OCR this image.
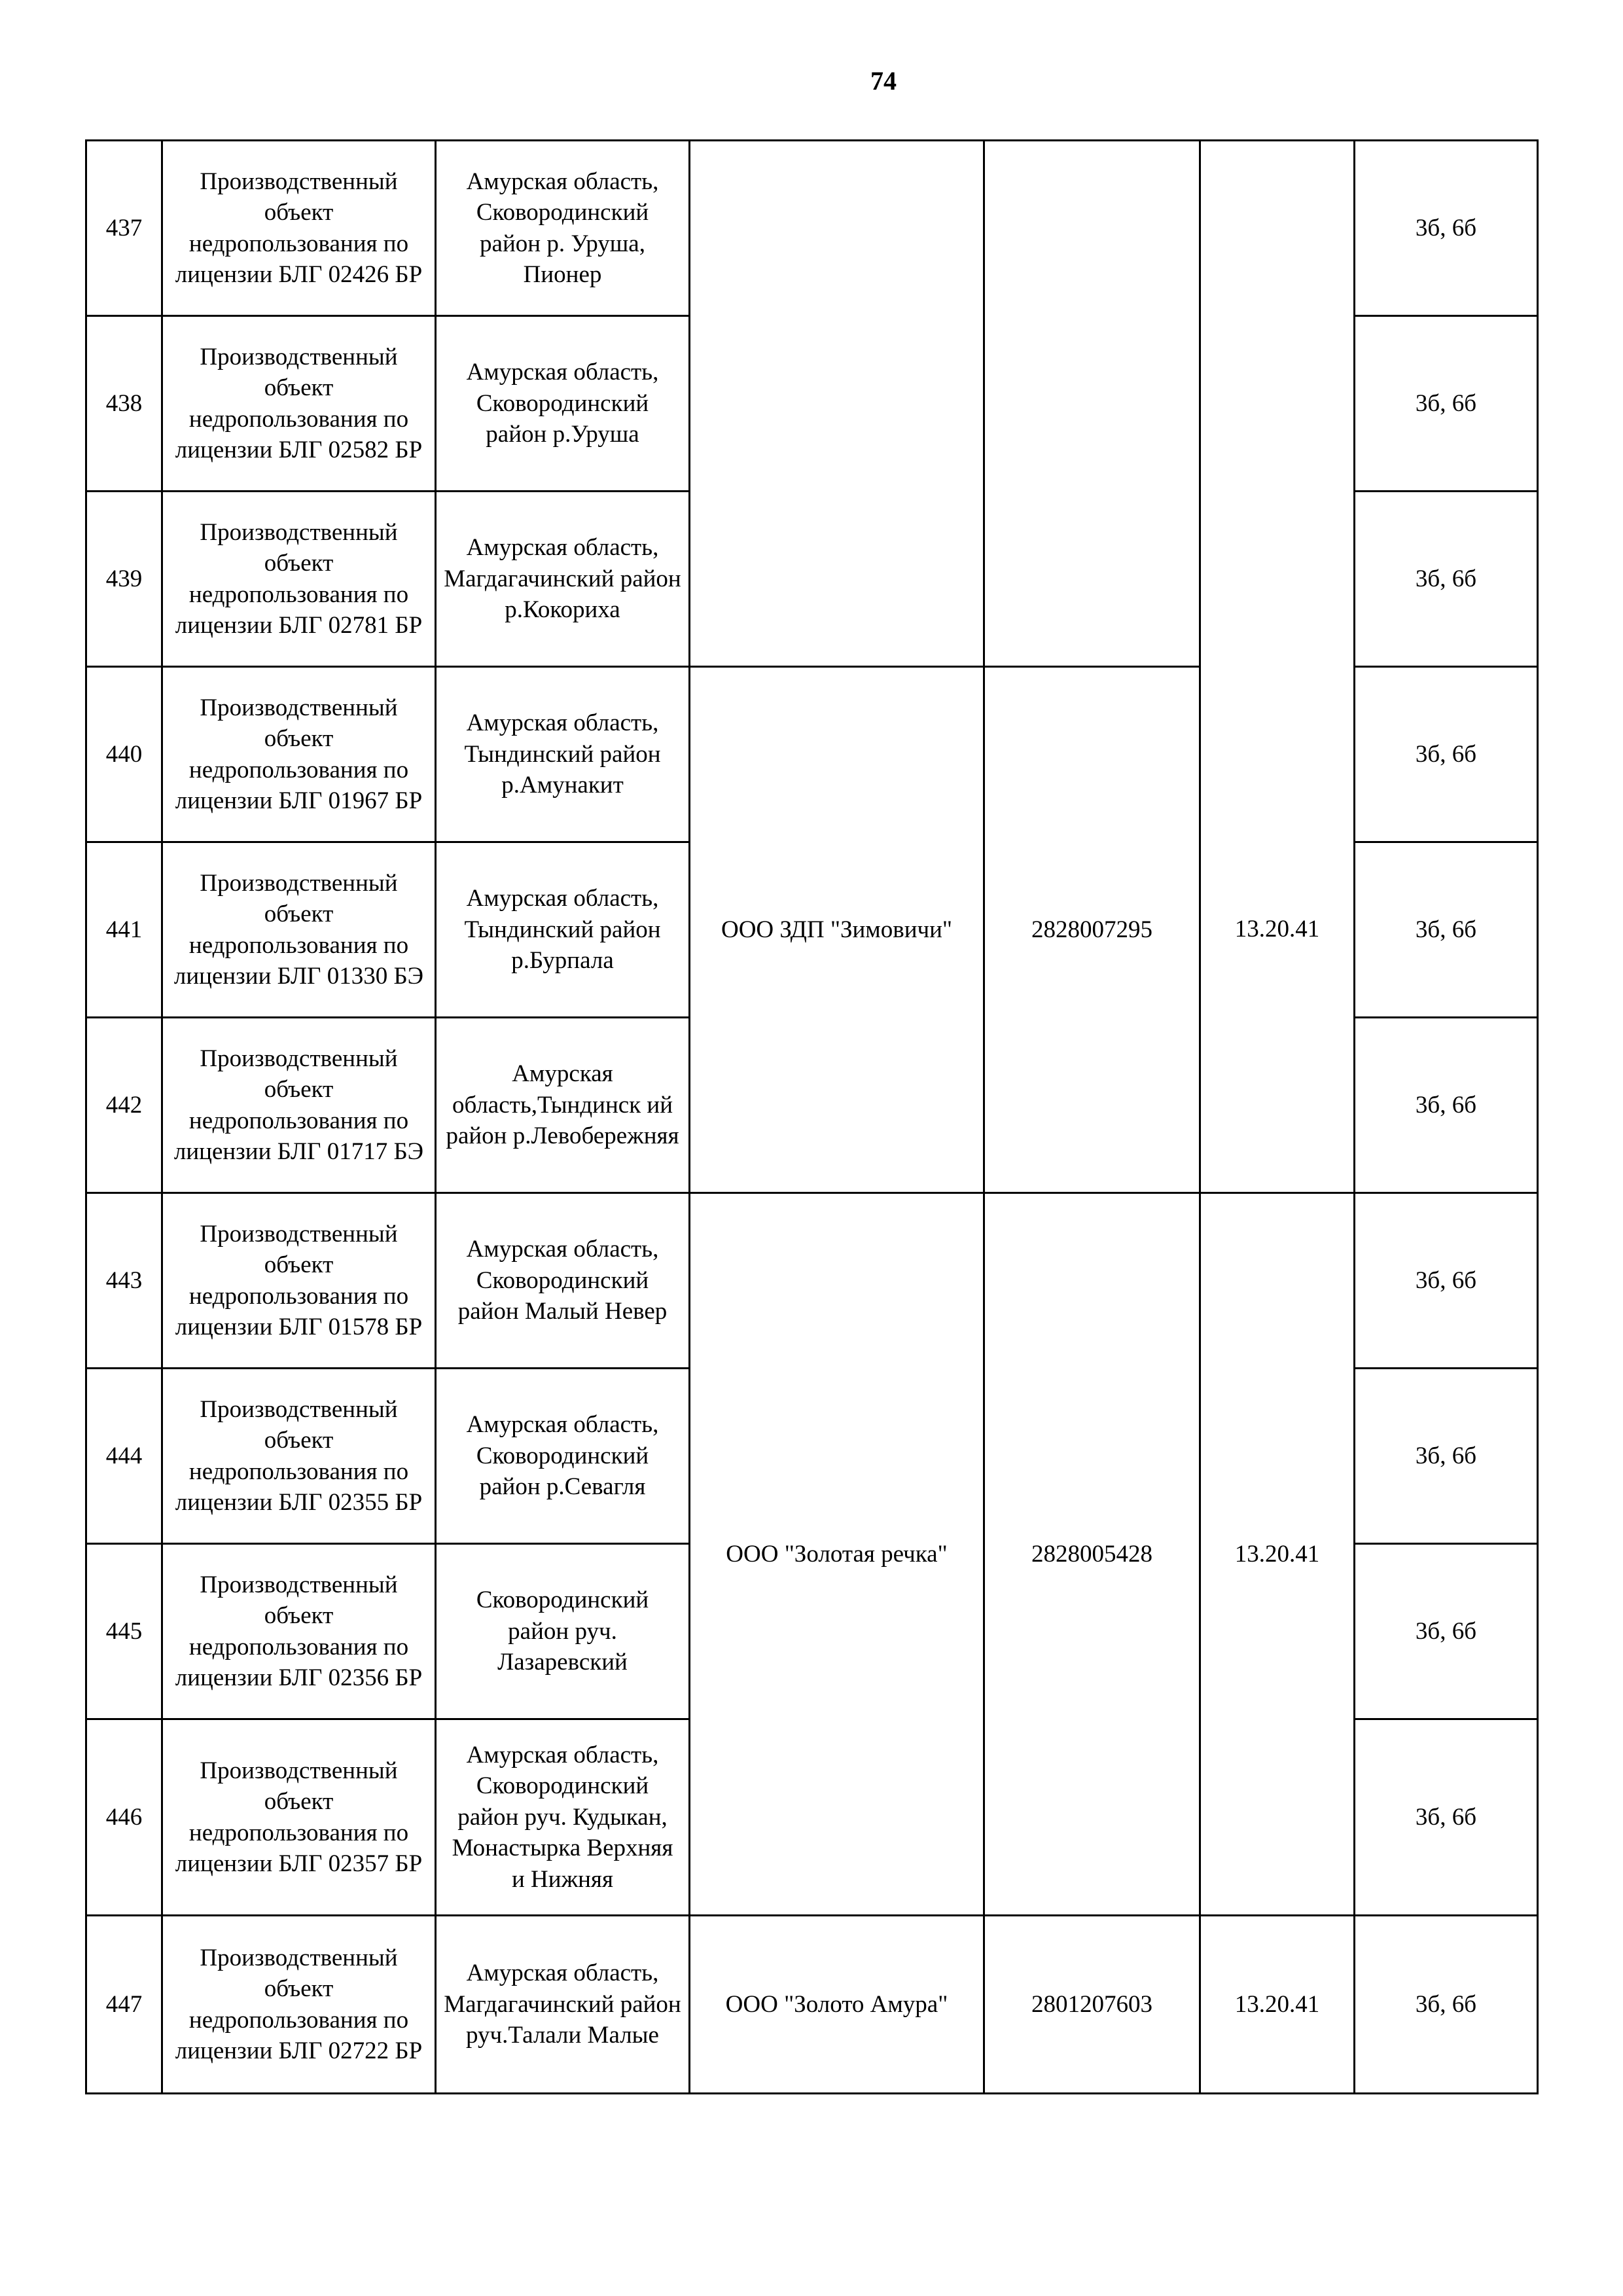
74
437	Производственный объект недропользования по лицензии БЛГ 02426 БР	Амурская область, Сковородинский район р. Уруша, Пионер				3б, 6б
438	Производственный объект недропользования по лицензии БЛГ 02582 БР	Амурская область, Сковородинский район р.Уруша				3б, 6б
439	Производственный объект недропользования по лицензии БЛГ 02781 БР	Амурская область, Магдагачинский район р.Кокориха				3б, 6б
440	Производственный объект недропользования по лицензии БЛГ 01967 БР	Амурская область, Тындинский район р.Амунакит	ООО ЗДП "Зимовичи"	2828007295	13.20.41	3б, 6б
441	Производственный объект недропользования по лицензии БЛГ 01330 БЭ	Амурская область, Тындинский район р.Бурпала				3б, 6б
442	Производственный объект недропользования по лицензии БЛГ 01717 БЭ	Амурская область,Тындинск ий район р.Левобережняя				3б, 6б
443	Производственный объект недропользования по лицензии БЛГ 01578 БР	Амурская область, Сковородинский район Малый Невер	ООО "Золотая речка"	2828005428	13.20.41	3б, 6б
444	Производственный объект недропользования по лицензии БЛГ 02355 БР	Амурская область, Сковородинский район р.Севагля				3б, 6б
445	Производственный объект недропользования по лицензии БЛГ 02356 БР	Сковородинский район руч. Лазаревский				3б, 6б
446	Производственный объект недропользования по лицензии БЛГ 02357 БР	Амурская область, Сковородинский район руч. Кудыкан, Монастырка Верхняя и Нижняя				3б, 6б
447	Производственный объект недропользования по лицензии БЛГ 02722 БР	Амурская область, Магдагачинский район руч.Талали Малые	ООО "Золото Амура"	2801207603	13.20.41	3б, 6б
